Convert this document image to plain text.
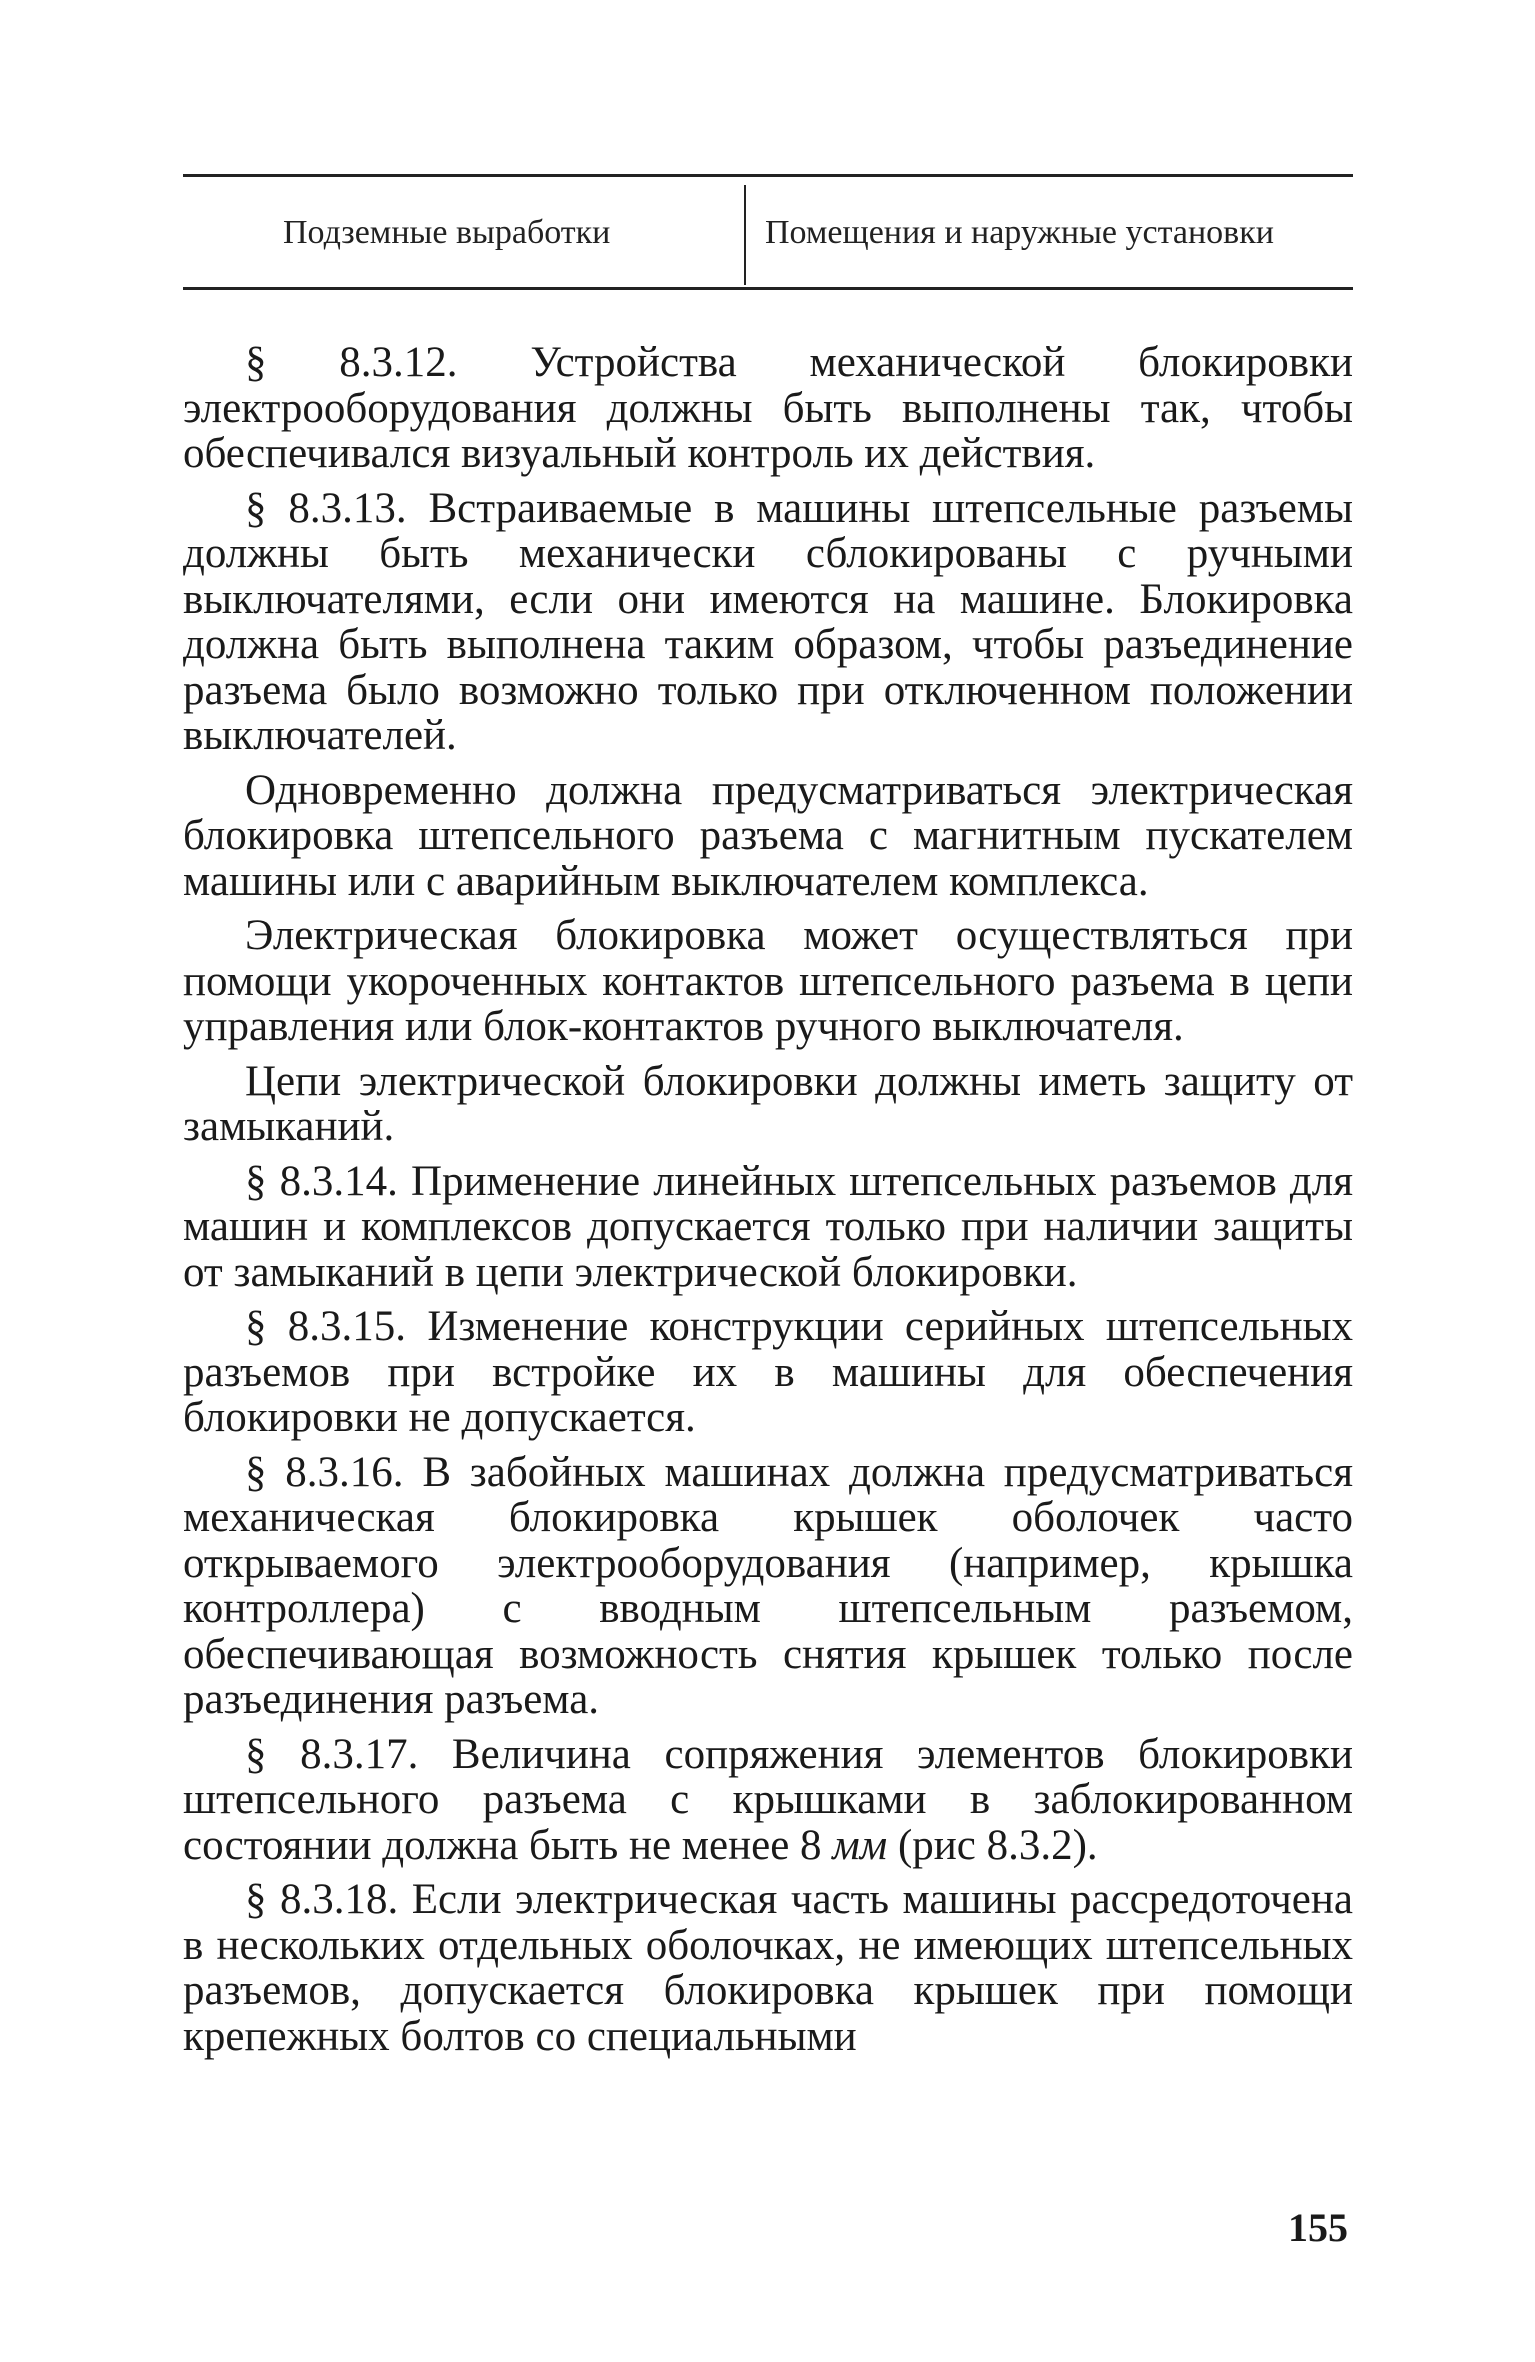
Подземные выработки	Помещения и наружные установки

§ 8.3.12. Устройства механической блокировки электрооборудования должны быть выполнены так, чтобы обеспечивался визуальный контроль их действия.

§ 8.3.13. Встраиваемые в машины штепсельные разъемы должны быть механически сблокированы с ручными выключателями, если они имеются на машине. Блокировка должна быть выполнена таким образом, чтобы разъединение разъема было возможно только при отключенном положении выключателей.

Одновременно должна предусматриваться электрическая блокировка штепсельного разъема с магнитным пускателем машины или с аварийным выключателем комплекса.

Электрическая блокировка может осуществляться при помощи укороченных контактов штепсельного разъема в цепи управления или блок-контактов ручного выключателя.

Цепи электрической блокировки должны иметь защиту от замыканий.

§ 8.3.14. Применение линейных штепсельных разъемов для машин и комплексов допускается только при наличии защиты от замыканий в цепи электрической блокировки.

§ 8.3.15. Изменение конструкции серийных штепсельных разъемов при встройке их в машины для обеспечения блокировки не допускается.

§ 8.3.16. В забойных машинах должна предусматриваться механическая блокировка крышек оболочек часто открываемого электрооборудования (например, крышка контроллера) с вводным штепсельным разъемом, обеспечивающая возможность снятия крышек только после разъединения разъема.

§ 8.3.17. Величина сопряжения элементов блокировки штепсельного разъема с крышками в заблокированном состоянии должна быть не менее 8 мм (рис 8.3.2).

§ 8.3.18. Если электрическая часть машины рассредоточена в нескольких отдельных оболочках, не имеющих штепсельных разъемов, допускается блокировка крышек при помощи крепежных болтов со специальными

155
